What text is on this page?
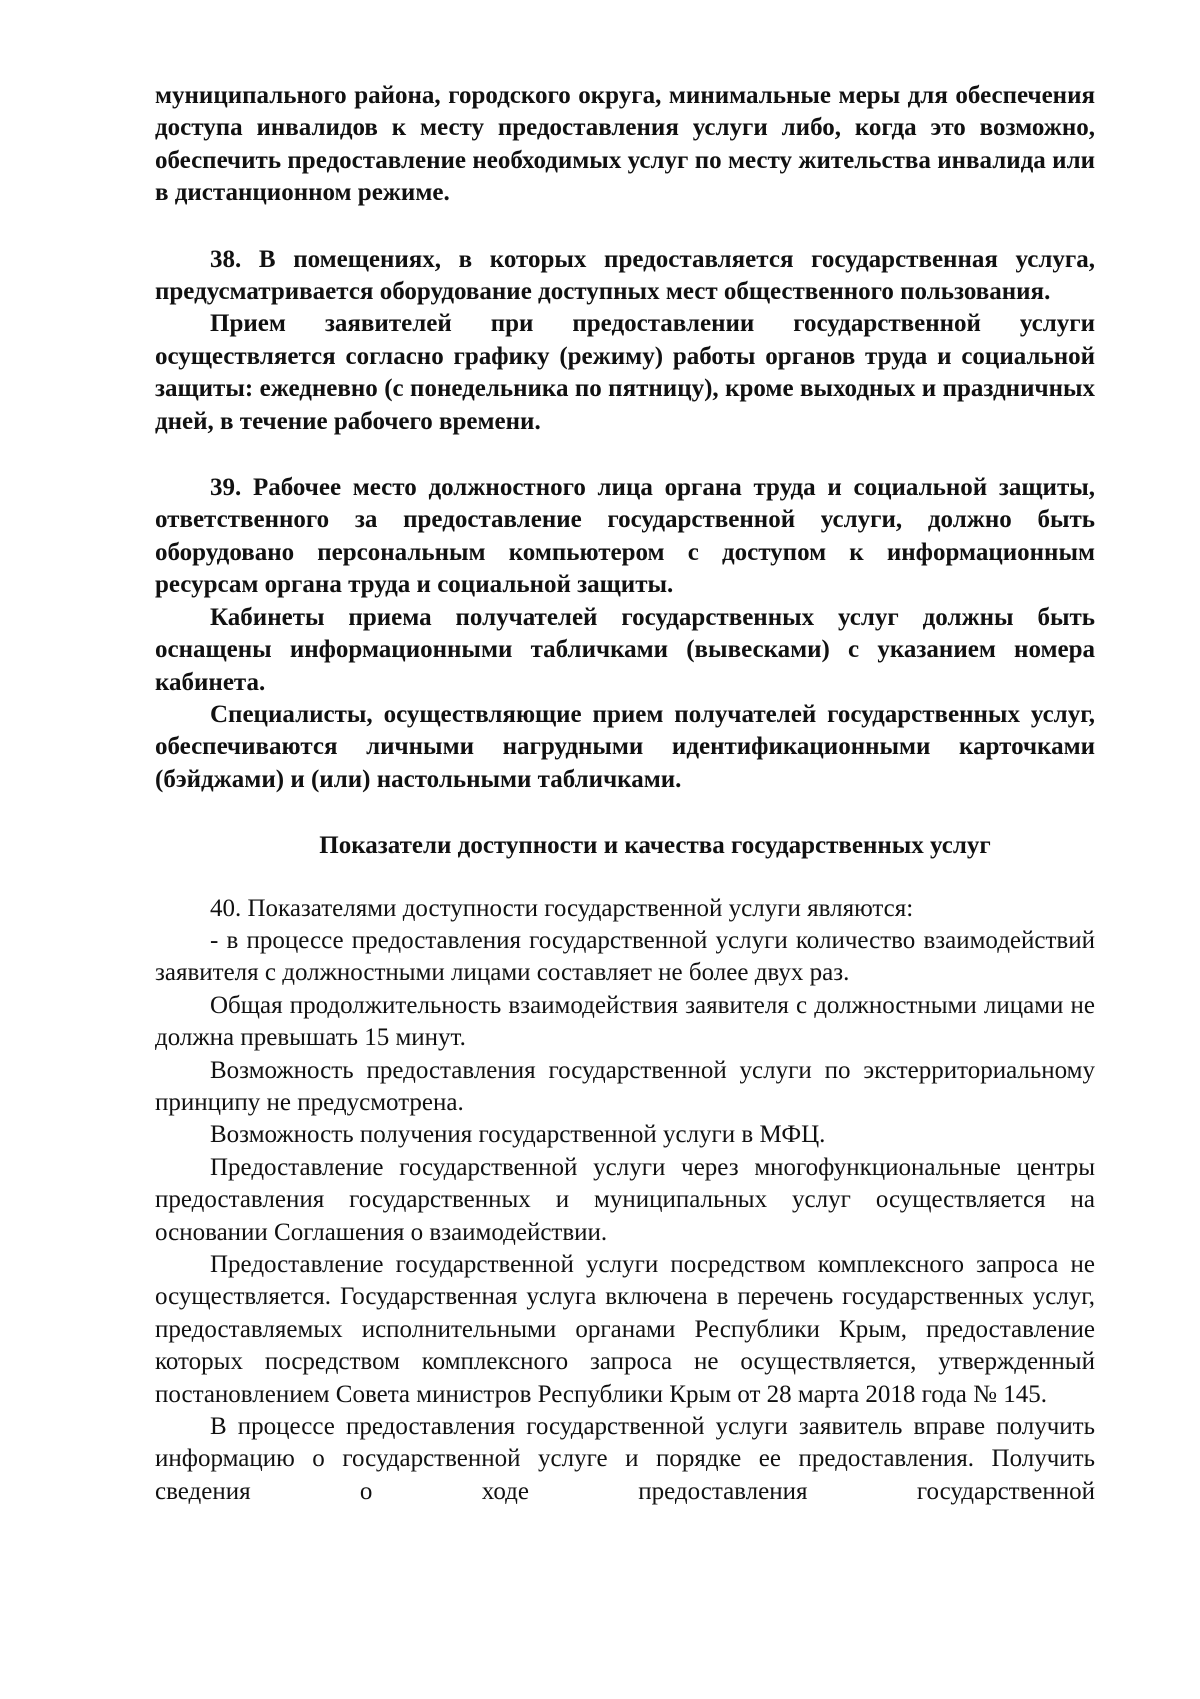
муниципального района, городского округа, минимальные меры для обеспечения доступа инвалидов к месту предоставления услуги либо, когда это возможно, обеспечить предоставление необходимых услуг по месту жительства инвалида или в дистанционном режиме.

38. В помещениях, в которых предоставляется государственная услуга, предусматривается оборудование доступных мест общественного пользования.

Прием заявителей при предоставлении государственной услуги осуществляется согласно графику (режиму) работы органов труда и социальной защиты: ежедневно (с понедельника по пятницу), кроме выходных и праздничных дней, в течение рабочего времени.

39. Рабочее место должностного лица органа труда и социальной защиты, ответственного за предоставление государственной услуги, должно быть оборудовано персональным компьютером с доступом к информационным ресурсам органа труда и социальной защиты.

Кабинеты приема получателей государственных услуг должны быть оснащены информационными табличками (вывесками) с указанием номера кабинета.

Специалисты, осуществляющие прием получателей государственных услуг, обеспечиваются личными нагрудными идентификационными карточками (бэйджами) и (или) настольными табличками.

Показатели доступности и качества государственных услуг

40. Показателями доступности государственной услуги являются:

- в процессе предоставления государственной услуги количество взаимодействий заявителя с должностными лицами составляет не более двух раз.

Общая продолжительность взаимодействия заявителя с должностными лицами не должна превышать 15 минут.

Возможность предоставления государственной услуги по экстерриториальному принципу не предусмотрена.

Возможность получения государственной услуги в МФЦ.

Предоставление государственной услуги через многофункциональные центры предоставления государственных и муниципальных услуг осуществляется на основании Соглашения о взаимодействии.

Предоставление государственной услуги посредством комплексного запроса не осуществляется. Государственная услуга включена в перечень государственных услуг, предоставляемых исполнительными органами Республики Крым, предоставление которых посредством комплексного запроса не осуществляется, утвержденный постановлением Совета министров Республики Крым от 28 марта 2018 года № 145.

В процессе предоставления государственной услуги заявитель вправе получить информацию о государственной услуге и порядке ее предоставления. Получить сведения о ходе предоставления государственной
